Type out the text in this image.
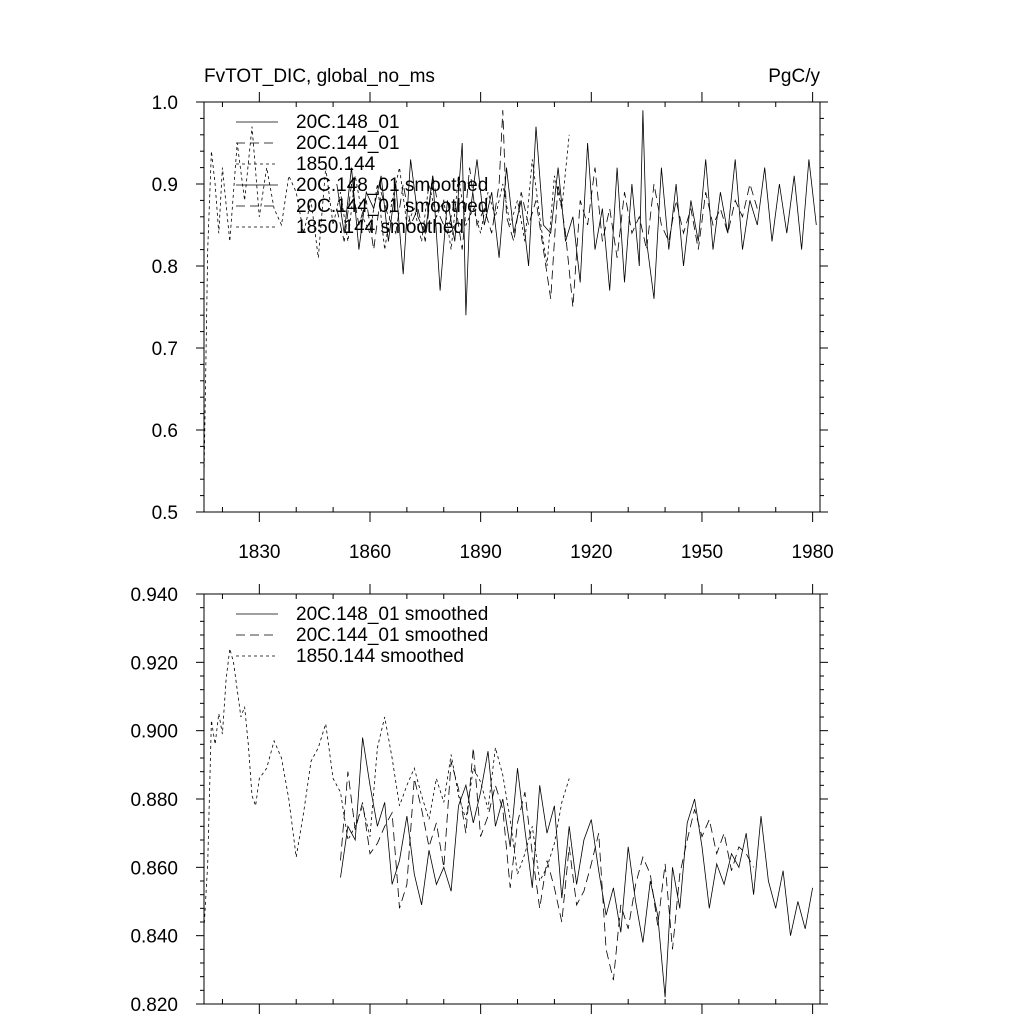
FvTOT_DIC, global_no_ms	PgC/y
1830	1860	1890	1920	1950	1980
0.5
0.6
0.7
0.8
0.9
1.0
20C.148_01
20C.144_01
1850.144
20C.148_01 smoothed
20C.144_01 smoothed
1850.144 smoothed
0.820
0.840
0.860
0.880
0.900
0.920
0.940
20C.148_01 smoothed
20C.144_01 smoothed
1850.144 smoothed
